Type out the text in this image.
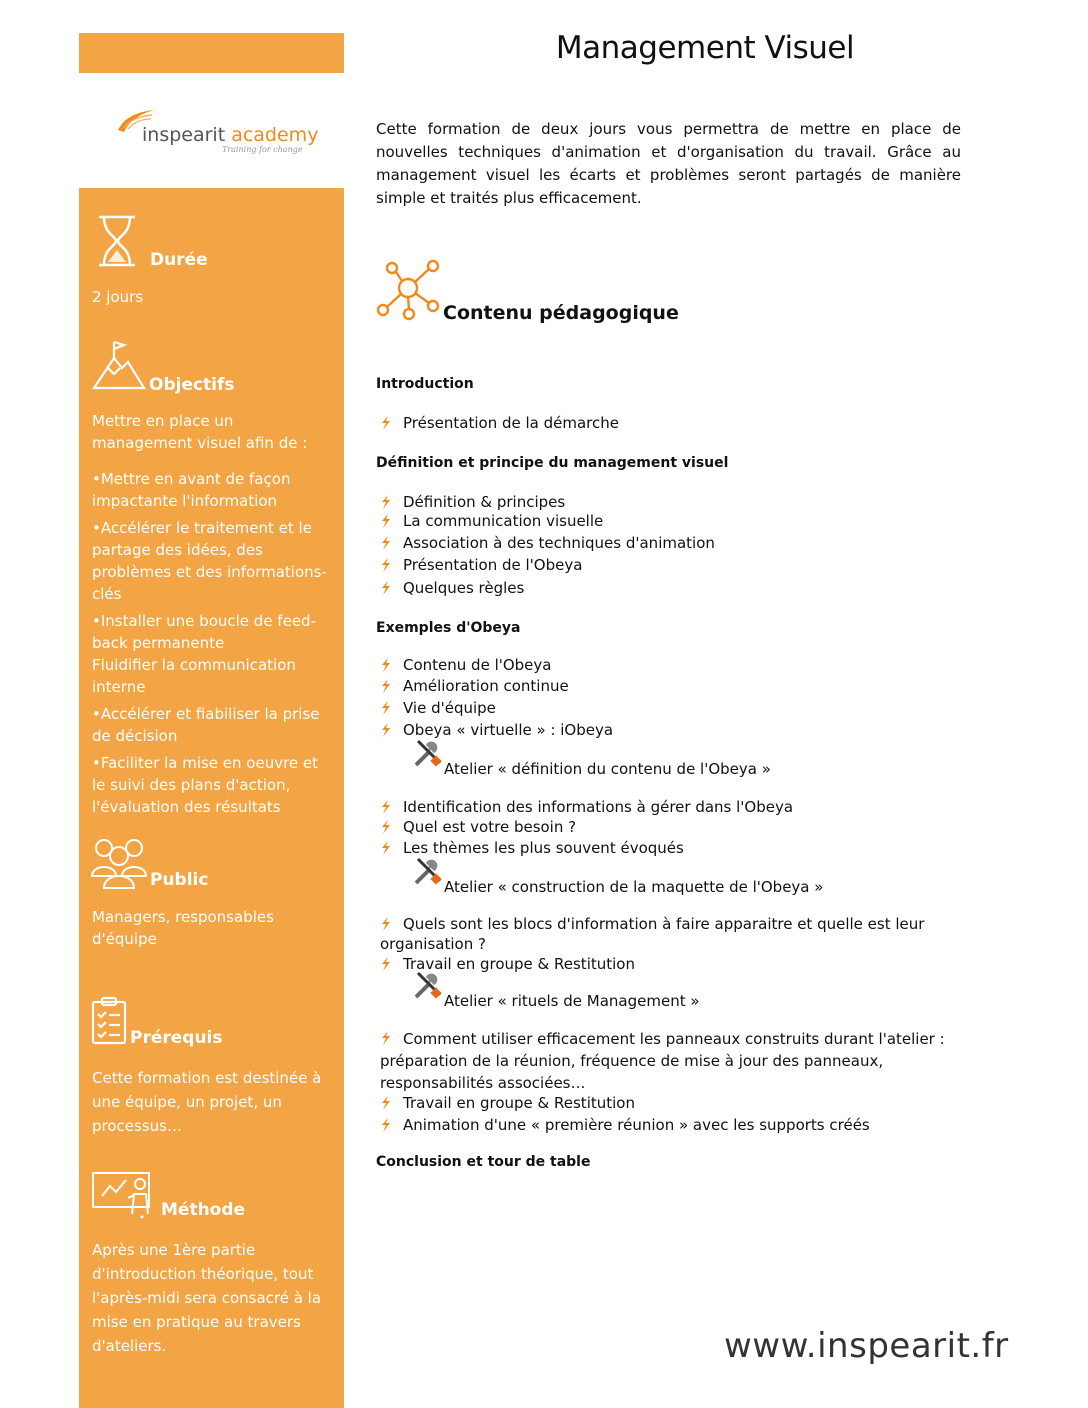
inspearit academy
Training for change
Management Visuel
Cette formation de deux jours vous permettra de mettre en place de nouvelles techniques d'animation et d'organisation du travail. Grâce au management visuel les écarts et problèmes seront partagés de manière simple et traités plus efficacement.
Durée
2 jours
Objectifs

Mettre en place un management visuel afin de :

•Mettre en avant de façon impactante l'information

•Accélérer le traitement et le partage des idées, des problèmes et des informations-clés

•Installer une boucle de feed-back permanente

Fluidifier la communication interne

•Accélérer et fiabiliser la prise de décision

•Faciliter la mise en oeuvre et le suivi des plans d'action, l'évaluation des résultats

Public
Managers, responsables d'équipe
Prérequis
Cette formation est destinée à une équipe, un projet, un processus…
Méthode
Après une 1ère partie d'introduction théorique, tout l'après-midi sera consacré à la mise en pratique au travers d'ateliers.
Contenu pédagogique
Introduction
Présentation de la démarche
Définition et principe du management visuel
Définition & principes
La communication visuelle
Association à des techniques d'animation
Présentation de l'Obeya
Quelques règles
Exemples d'Obeya
Contenu de l'Obeya
Amélioration continue
Vie d'équipe
Obeya « virtuelle » : iObeya
Atelier « définition du contenu de l'Obeya »
Identification des informations à gérer dans l'Obeya
Quel est votre besoin ?
Les thèmes les plus souvent évoqués
Atelier « construction de la maquette de l'Obeya »
Quels sont les blocs d'information à faire apparaitre et quelle est leur organisation ?
Travail en groupe & Restitution
Atelier « rituels de Management »
Comment utiliser efficacement les panneaux construits durant l'atelier : préparation de la réunion, fréquence de mise à jour des panneaux, responsabilités associées…
Travail en groupe & Restitution
Animation d'une « première réunion » avec les supports créés
Conclusion et tour de table
www.inspearit.fr
